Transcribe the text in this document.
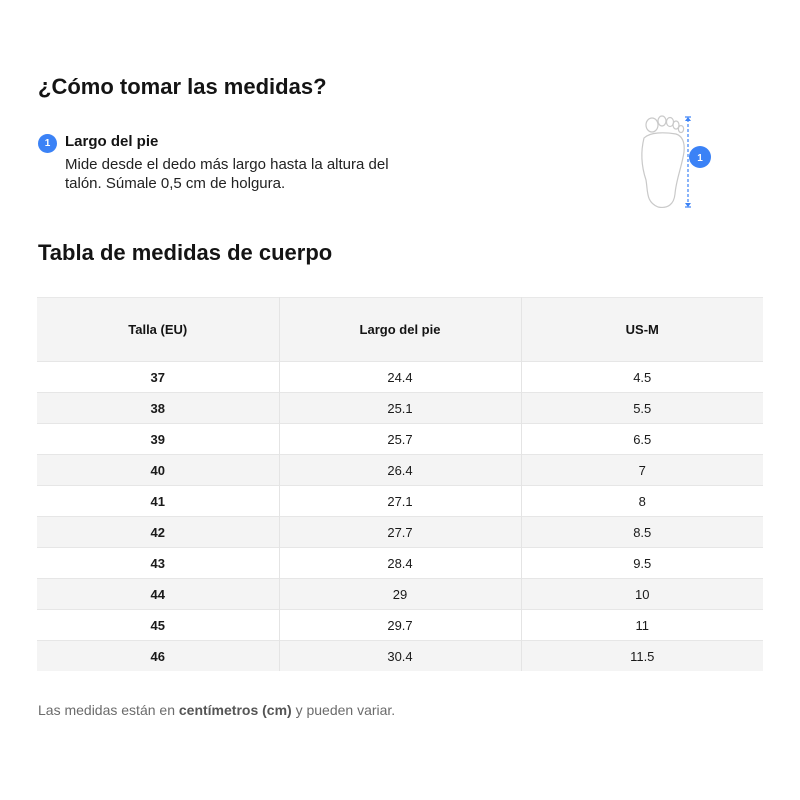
¿Cómo tomar las medidas?
1 Largo del pie
Mide desde el dedo más largo hasta la altura del talón. Súmale 0,5 cm de holgura.
1
Tabla de medidas de cuerpo
Talla (EU)	Largo del pie	US-M
37	24.4	4.5
38	25.1	5.5
39	25.7	6.5
40	26.4	7
41	27.1	8
42	27.7	8.5
43	28.4	9.5
44	29	10
45	29.7	11
46	30.4	11.5
Las medidas están en centímetros (cm) y pueden variar.
